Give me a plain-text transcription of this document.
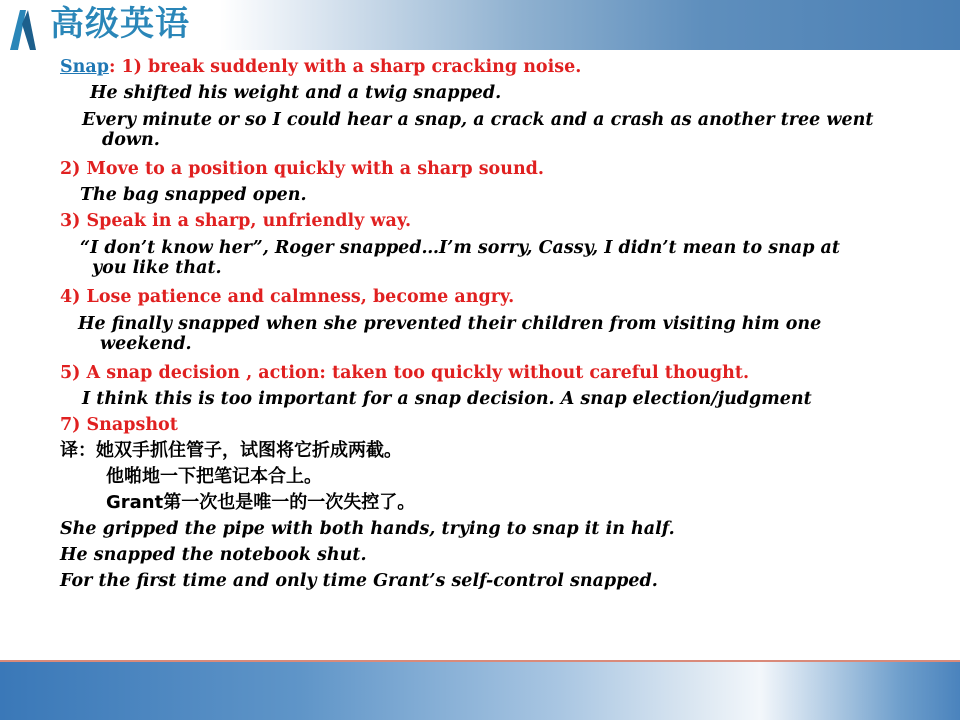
高级英语

Snap: 1) break suddenly with a sharp cracking noise.

He shifted his weight and a twig snapped.

Every minute or so I could hear a snap, a crack and a crash as another tree went
down.

2) Move to a position quickly with a sharp sound.

The bag snapped open.

3) Speak in a sharp, unfriendly way.

“I don’t know her”, Roger snapped…I’m sorry, Cassy, I didn’t mean to snap at
you like that.

4) Lose patience and calmness, become angry.

He finally snapped when she prevented their children from visiting him one
weekend.

5) A snap decision , action: taken too quickly without careful thought.

I think this is too important for a snap decision. A snap election/judgment

7) Snapshot

译：她双手抓住管子，试图将它折成两截。

他啪地一下把笔记本合上。

Grant第一次也是唯一的一次失控了。

She gripped the pipe with both hands, trying to snap it in half.

He snapped the notebook shut.

For the first time and only time Grant’s self-control snapped.
